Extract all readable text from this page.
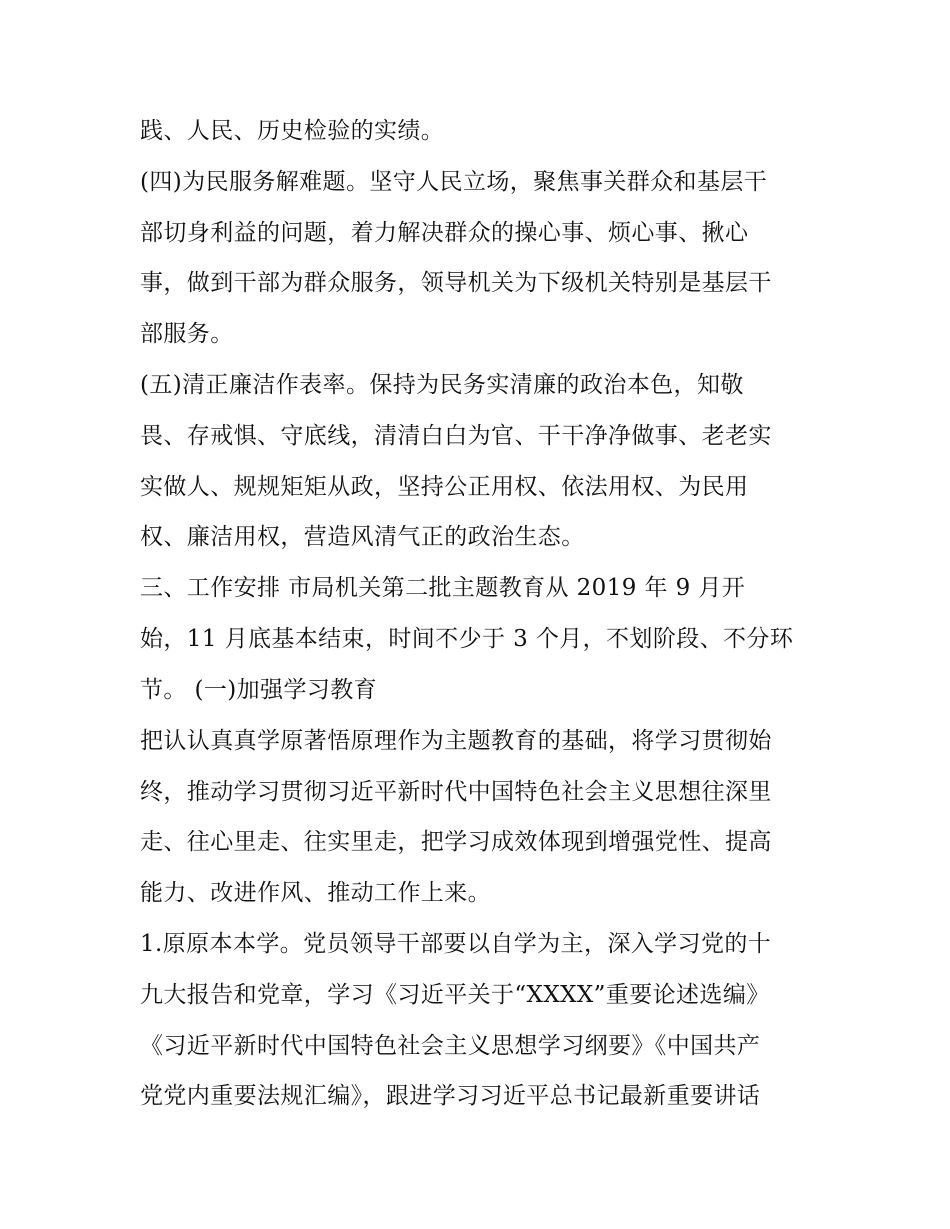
践、人民、历史检验的实绩。

(四)为民服务解难题。坚守人民立场，聚焦事关群众和基层干

部切身利益的问题，着力解决群众的操心事、烦心事、揪心

事，做到干部为群众服务，领导机关为下级机关特别是基层干

部服务。

(五)清正廉洁作表率。保持为民务实清廉的政治本色，知敬

畏、存戒惧、守底线，清清白白为官、干干净净做事、老老实

实做人、规规矩矩从政，坚持公正用权、依法用权、为民用

权、廉洁用权，营造风清气正的政治生态。

三、工作安排 市局机关第二批主题教育从 2019 年 9 月开

始，11 月底基本结束，时间不少于 3 个月，不划阶段、不分环

节。 (一)加强学习教育

把认认真真学原著悟原理作为主题教育的基础，将学习贯彻始

终，推动学习贯彻习近平新时代中国特色社会主义思想往深里

走、往心里走、往实里走，把学习成效体现到增强党性、提高

能力、改进作风、推动工作上来。

1.原原本本学。党员领导干部要以自学为主，深入学习党的十

九大报告和党章，学习《习近平关于“XXXX”重要论述选编》

《习近平新时代中国特色社会主义思想学习纲要》《中国共产

党党内重要法规汇编》，跟进学习习近平总书记最新重要讲话
